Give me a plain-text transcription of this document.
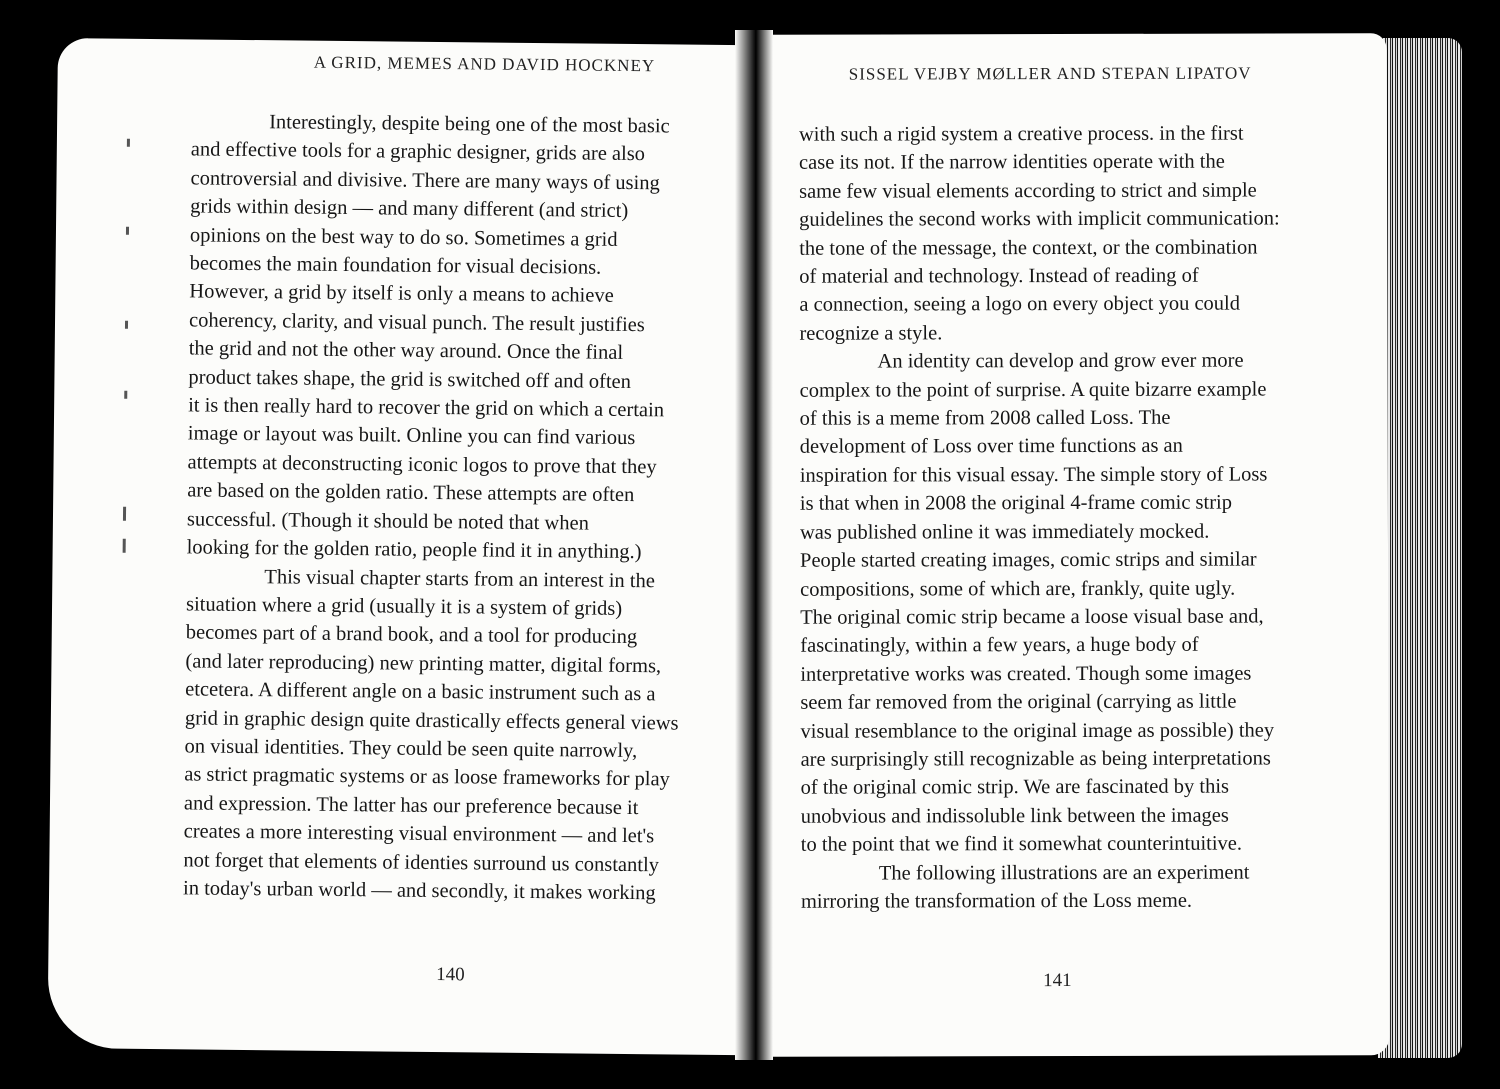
A GRID, MEMES AND DAVID HOCKNEY
Interestingly, despite being one of the most basic
and effective tools for a graphic designer, grids are also
controversial and divisive. There are many ways of using
grids within design — and many different (and strict)
opinions on the best way to do so. Sometimes a grid
becomes the main foundation for visual decisions.
However, a grid by itself is only a means to achieve
coherency, clarity, and visual punch. The result justifies
the grid and not the other way around. Once the final
product takes shape, the grid is switched off and often
it is then really hard to recover the grid on which a certain
image or layout was built. Online you can find various
attempts at deconstructing iconic logos to prove that they
are based on the golden ratio. These attempts are often
successful. (Though it should be noted that when
looking for the golden ratio, people find it in anything.)
This visual chapter starts from an interest in the
situation where a grid (usually it is a system of grids)
becomes part of a brand book, and a tool for producing
(and later reproducing) new printing matter, digital forms,
etcetera. A different angle on a basic instrument such as a
grid in graphic design quite drastically effects general views
on visual identities. They could be seen quite narrowly,
as strict pragmatic systems or as loose frameworks for play
and expression. The latter has our preference because it
creates a more interesting visual environment — and let's
not forget that elements of identies surround us constantly
in today's urban world — and secondly, it makes working
140
SISSEL VEJBY MØLLER AND STEPAN LIPATOV
with such a rigid system a creative process. in the first
case its not. If the narrow identities operate with the
same few visual elements according to strict and simple
guidelines the second works with implicit communication:
the tone of the message, the context, or the combination
of material and technology. Instead of reading of
a connection, seeing a logo on every object you could
recognize a style.
An identity can develop and grow ever more
complex to the point of surprise. A quite bizarre example
of this is a meme from 2008 called Loss. The
development of Loss over time functions as an
inspiration for this visual essay. The simple story of Loss
is that when in 2008 the original 4-frame comic strip
was published online it was immediately mocked.
People started creating images, comic strips and similar
compositions, some of which are, frankly, quite ugly.
The original comic strip became a loose visual base and,
fascinatingly, within a few years, a huge body of
interpretative works was created. Though some images
seem far removed from the original (carrying as little
visual resemblance to the original image as possible) they
are surprisingly still recognizable as being interpretations
of the original comic strip. We are fascinated by this
unobvious and indissoluble link between the images
to the point that we find it somewhat counterintuitive.
The following illustrations are an experiment
mirroring the transformation of the Loss meme.
141
